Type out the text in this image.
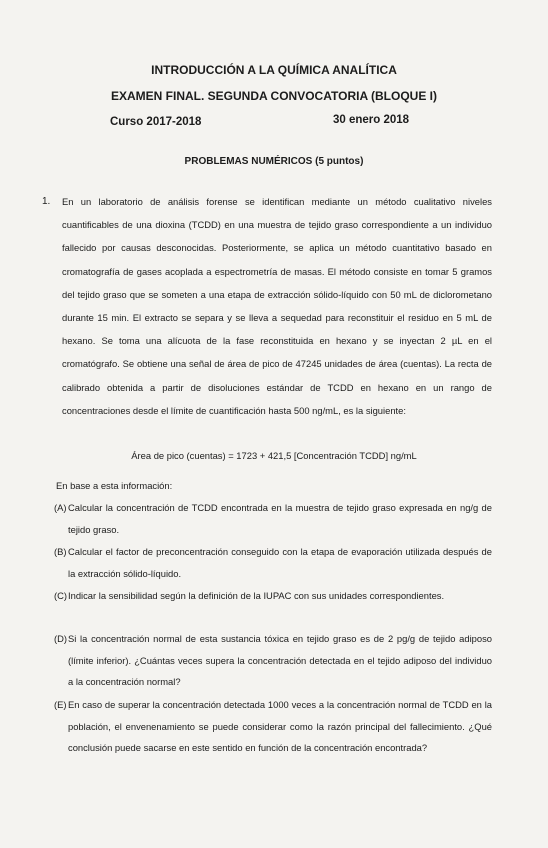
INTRODUCCIÓN A LA QUÍMICA ANALÍTICA
EXAMEN FINAL. SEGUNDA CONVOCATORIA (BLOQUE I)
Curso 2017-2018	30 enero 2018
PROBLEMAS NUMÉRICOS (5 puntos)
1. En un laboratorio de análisis forense se identifican mediante un método cualitativo niveles cuantificables de una dioxina (TCDD) en una muestra de tejido graso correspondiente a un individuo fallecido por causas desconocidas. Posteriormente, se aplica un método cuantitativo basado en cromatografía de gases acoplada a espectrometría de masas. El método consiste en tomar 5 gramos del tejido graso que se someten a una etapa de extracción sólido-líquido con 50 mL de diclorometano durante 15 min. El extracto se separa y se lleva a sequedad para reconstituir el residuo en 5 mL de hexano. Se toma una alícuota de la fase reconstituida en hexano y se inyectan 2 µL en el cromatógrafo. Se obtiene una señal de área de pico de 47245 unidades de área (cuentas). La recta de calibrado obtenida a partir de disoluciones estándar de TCDD en hexano en un rango de concentraciones desde el límite de cuantificación hasta 500 ng/mL, es la siguiente:
Área de pico (cuentas) = 1723 + 421,5 [Concentración TCDD] ng/mL
En base a esta información:
(A) Calcular la concentración de TCDD encontrada en la muestra de tejido graso expresada en ng/g de tejido graso.
(B) Calcular el factor de preconcentración conseguido con la etapa de evaporación utilizada después de la extracción sólido-líquido.
(C) Indicar la sensibilidad según la definición de la IUPAC con sus unidades correspondientes.
(D) Si la concentración normal de esta sustancia tóxica en tejido graso es de 2 pg/g de tejido adiposo (límite inferior). ¿Cuántas veces supera la concentración detectada en el tejido adiposo del individuo a la concentración normal?
(E) En caso de superar la concentración detectada 1000 veces a la concentración normal de TCDD en la población, el envenenamiento se puede considerar como la razón principal del fallecimiento. ¿Qué conclusión puede sacarse en este sentido en función de la concentración encontrada?
